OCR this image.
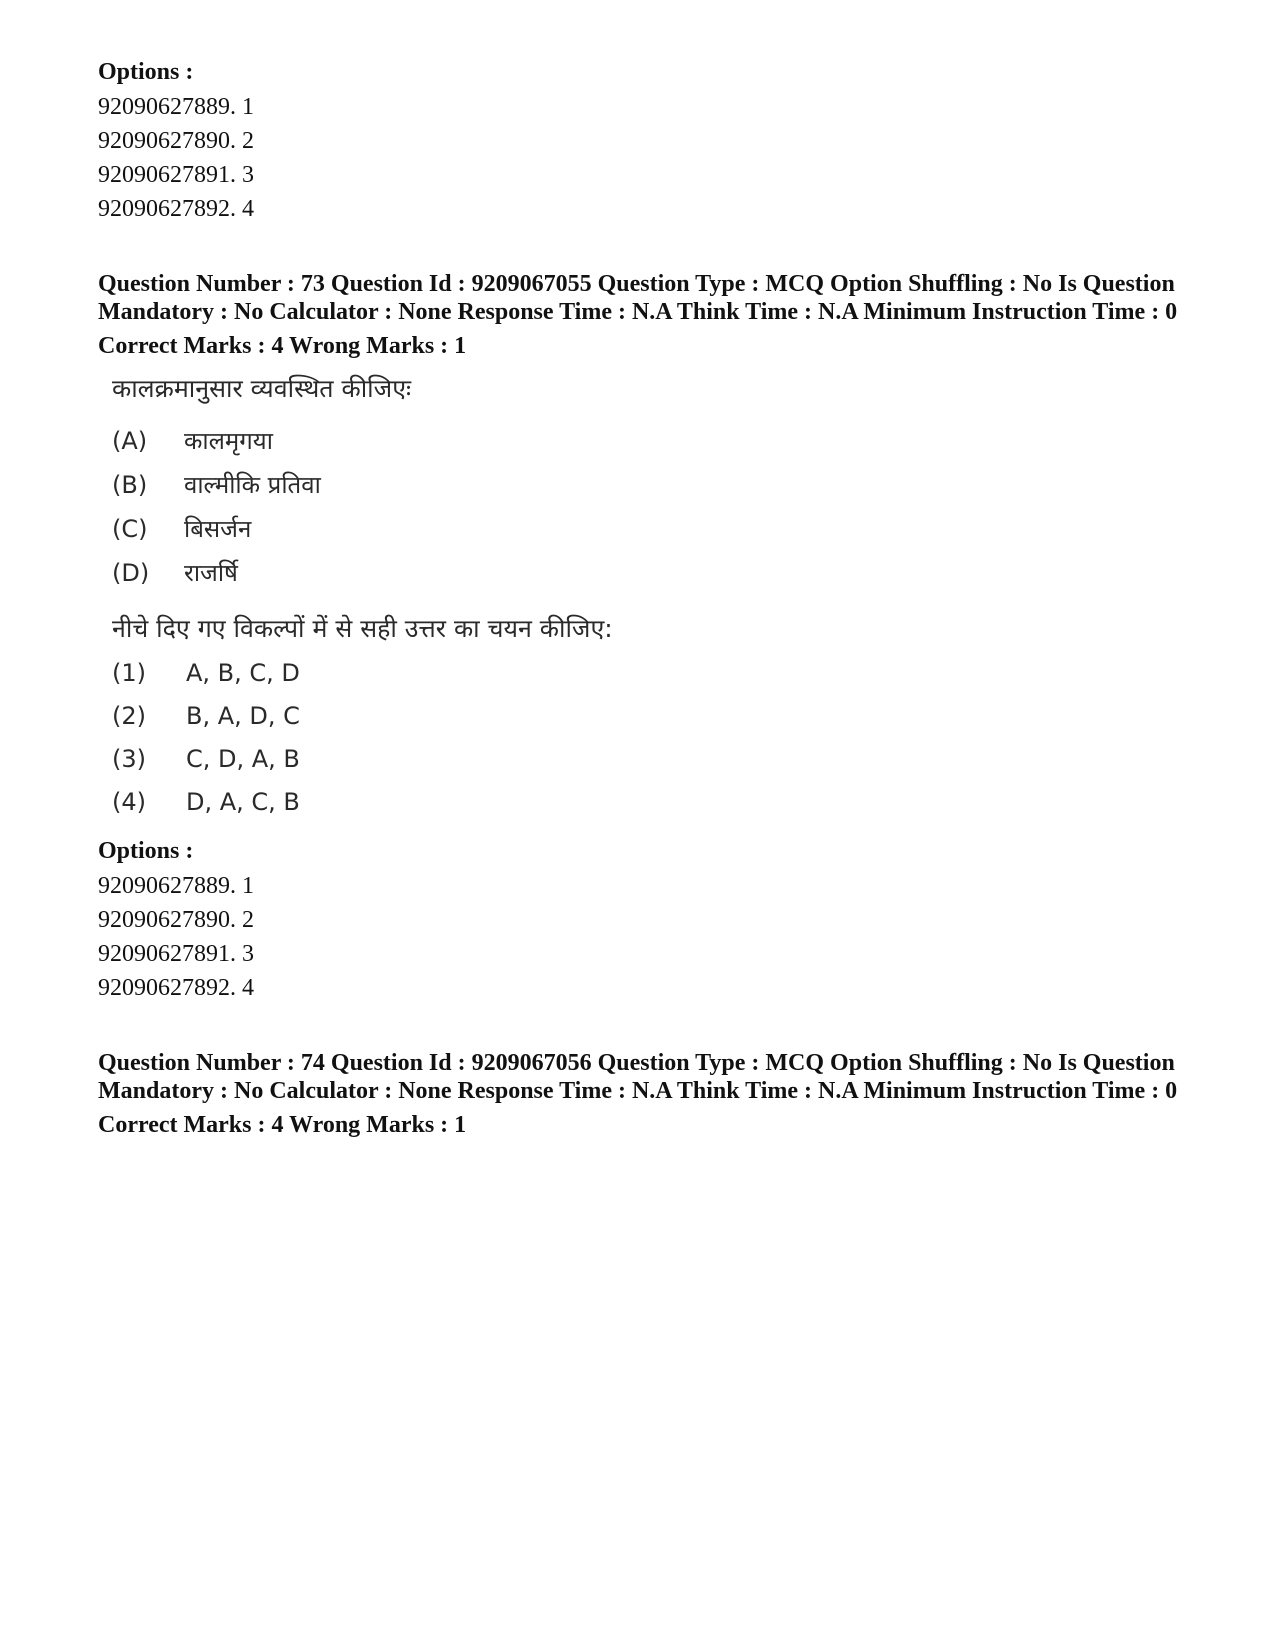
Options :

92090627889. 1

92090627890. 2

92090627891. 3

92090627892. 4

Question Number : 73 Question Id : 9209067055 Question Type : MCQ Option Shuffling : No Is Question Mandatory : No Calculator : None Response Time : N.A Think Time : N.A Minimum Instruction Time : 0

Correct Marks : 4 Wrong Marks : 1

कालक्रमानुसार व्यवस्थित कीजिएः

(A)	कालमृगया
(B)	वाल्मीकि प्रतिवा
(C)	बिसर्जन
(D)	राजर्षि

नीचे दिए गए विकल्पों में से सही उत्तर का चयन कीजिए:

(1)	A, B, C, D
(2)	B, A, D, C
(3)	C, D, A, B
(4)	D, A, C, B

Options :

92090627889. 1

92090627890. 2

92090627891. 3

92090627892. 4

Question Number : 74 Question Id : 9209067056 Question Type : MCQ Option Shuffling : No Is Question Mandatory : No Calculator : None Response Time : N.A Think Time : N.A Minimum Instruction Time : 0

Correct Marks : 4 Wrong Marks : 1
